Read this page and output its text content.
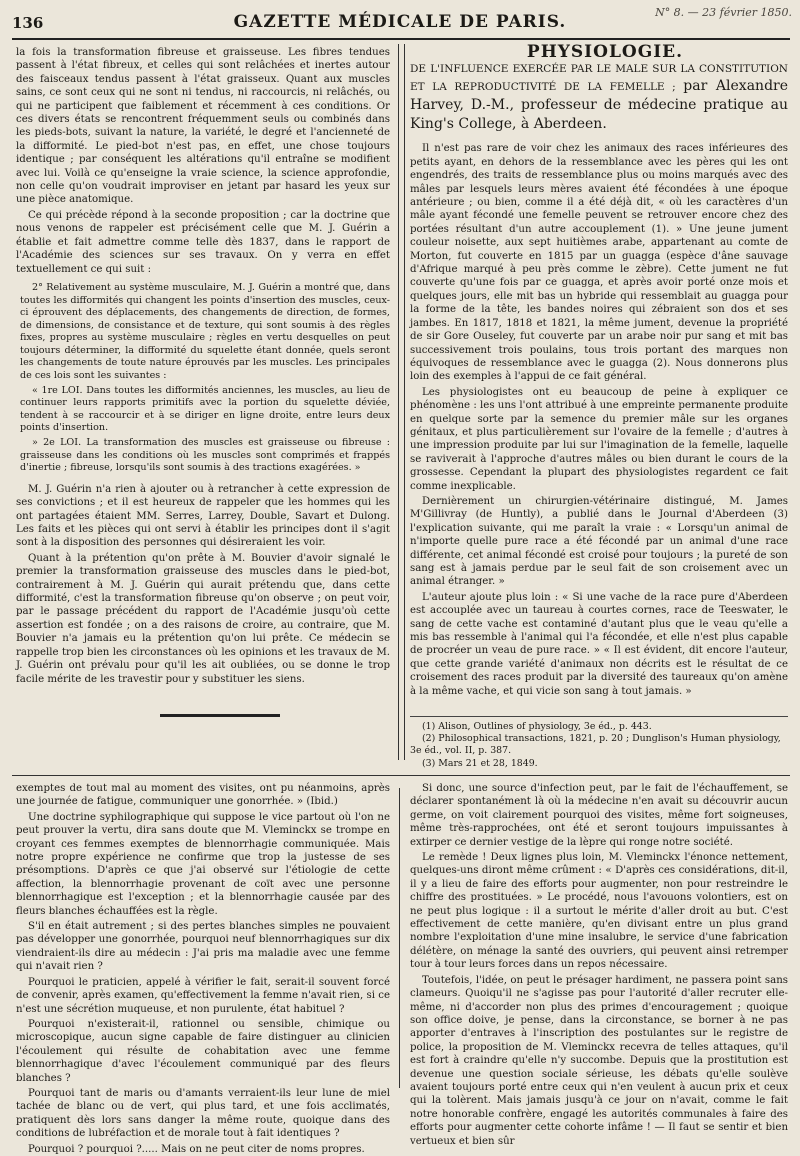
136	GAZETTE MÉDICALE DE PARIS.	N° 8. — 23 février 1850.

la fois la transformation fibreuse et graisseuse. Les fibres tendues passent à l'état fibreux, et celles qui sont relâchées et inertes autour des faisceaux tendus passent à l'état graisseux. Quant aux muscles sains, ce sont ceux qui ne sont ni tendus, ni raccourcis, ni relâchés, ou qui ne participent que faiblement et récemment à ces conditions. Or ces divers états se rencontrent fréquemment seuls ou combinés dans les pieds-bots, suivant la nature, la variété, le degré et l'ancienneté de la difformité. Le pied-bot n'est pas, en effet, une chose toujours identique ; par conséquent les altérations qu'il entraîne se modifient avec lui. Voilà ce qu'enseigne la vraie science, la science approfondie, non celle qu'on voudrait improviser en jetant par hasard les yeux sur une pièce anatomique.

Ce qui précède répond à la seconde proposition ; car la doctrine que nous venons de rappeler est précisément celle que M. J. Guérin a établie et fait admettre comme telle dès 1837, dans le rapport de l'Académie des sciences sur ses travaux. On y verra en effet textuellement ce qui suit :

2° Relativement au système musculaire, M. J. Guérin a montré que, dans toutes les difformités qui changent les points d'insertion des muscles, ceux-ci éprouvent des déplacements, des changements de direction, de formes, de dimensions, de consistance et de texture, qui sont soumis à des règles fixes, propres au système musculaire ; règles en vertu desquelles on peut toujours déterminer, la difformité du squelette étant donnée, quels seront les changements de toute nature éprouvés par les muscles. Les principales de ces lois sont les suivantes :

« 1re LOI. Dans toutes les difformités anciennes, les muscles, au lieu de continuer leurs rapports primitifs avec la portion du squelette déviée, tendent à se raccourcir et à se diriger en ligne droite, entre leurs deux points d'insertion.

» 2e LOI. La transformation des muscles est graisseuse ou fibreuse : graisseuse dans les conditions où les muscles sont comprimés et frappés d'inertie ; fibreuse, lorsqu'ils sont soumis à des tractions exagérées. »

M. J. Guérin n'a rien à ajouter ou à retrancher à cette expression de ses convictions ; et il est heureux de rappeler que les hommes qui les ont partagées étaient MM. Serres, Larrey, Double, Savart et Dulong. Les faits et les pièces qui ont servi à établir les principes dont il s'agit sont à la disposition des personnes qui désireraient les voir.

Quant à la prétention qu'on prête à M. Bouvier d'avoir signalé le premier la transformation graisseuse des muscles dans le pied-bot, contrairement à M. J. Guérin qui aurait prétendu que, dans cette difformité, c'est la transformation fibreuse qu'on observe ; on peut voir, par le passage précédent du rapport de l'Académie jusqu'où cette assertion est fondée ; on a des raisons de croire, au contraire, que M. Bouvier n'a jamais eu la prétention qu'on lui prête. Ce médecin se rappelle trop bien les circonstances où les opinions et les travaux de M. J. Guérin ont prévalu pour qu'il les ait oubliées, ou se donne le trop facile mérite de les travestir pour y substituer les siens.

PHYSIOLOGIE.

DE L'INFLUENCE EXERCÉE PAR LE MALE SUR LA CONSTITUTION ET LA REPRODUCTIVITÉ DE LA FEMELLE ; par Alexandre Harvey, D.-M., professeur de médecine pratique au King's College, à Aberdeen.

Il n'est pas rare de voir chez les animaux des races inférieures des petits ayant, en dehors de la ressemblance avec les pères qui les ont engendrés, des traits de ressemblance plus ou moins marqués avec des mâles par lesquels leurs mères avaient été fécondées à une époque antérieure ; ou bien, comme il a été déjà dit, « où les caractères d'un mâle ayant fécondé une femelle peuvent se retrouver encore chez des portées résultant d'un autre accouplement (1). » Une jeune jument couleur noisette, aux sept huitièmes arabe, appartenant au comte de Morton, fut couverte en 1815 par un guagga (espèce d'âne sauvage d'Afrique marqué à peu près comme le zèbre). Cette jument ne fut couverte qu'une fois par ce guagga, et après avoir porté onze mois et quelques jours, elle mit bas un hybride qui ressemblait au guagga pour la forme de la tête, les bandes noires qui zébraient son dos et ses jambes. En 1817, 1818 et 1821, la même jument, devenue la propriété de sir Gore Ouseley, fut couverte par un arabe noir pur sang et mit bas successivement trois poulains, tous trois portant des marques non équivoques de ressemblance avec le guagga (2). Nous donnerons plus loin des exemples à l'appui de ce fait général.

Les physiologistes ont eu beaucoup de peine à expliquer ce phénomène : les uns l'ont attribué à une empreinte permanente produite en quelque sorte par la semence du premier mâle sur les organes génitaux, et plus particulièrement sur l'ovaire de la femelle ; d'autres à une impression produite par lui sur l'imagination de la femelle, laquelle se raviverait à l'approche d'autres mâles ou bien durant le cours de la grossesse. Cependant la plupart des physiologistes regardent ce fait comme inexplicable.

Dernièrement un chirurgien-vétérinaire distingué, M. James M'Gillivray (de Huntly), a publié dans le Journal d'Aberdeen (3) l'explication suivante, qui me paraît la vraie : « Lorsqu'un animal de n'importe quelle pure race a été fécondé par un animal d'une race différente, cet animal fécondé est croisé pour toujours ; la pureté de son sang est à jamais perdue par le seul fait de son croisement avec un animal étranger. »

L'auteur ajoute plus loin : « Si une vache de la race pure d'Aberdeen est accouplée avec un taureau à courtes cornes, race de Teeswater, le sang de cette vache est contaminé d'autant plus que le veau qu'elle a mis bas ressemble à l'animal qui l'a fécondée, et elle n'est plus capable de procréer un veau de pure race. » « Il est évident, dit encore l'auteur, que cette grande variété d'animaux non décrits est le résultat de ce croisement des races produit par la diversité des taureaux qu'on amène à la même vache, et qui vicie son sang à tout jamais. »

(1) Alison, Outlines of physiology, 3e éd., p. 443.

(2) Philosophical transactions, 1821, p. 20 ; Dunglison's Human physiology, 3e éd., vol. II, p. 387.

(3) Mars 21 et 28, 1849.

exemptes de tout mal au moment des visites, ont pu néanmoins, après une journée de fatigue, communiquer une gonorrhée. » (Ibid.)

Une doctrine syphilographique qui suppose le vice partout où l'on ne peut prouver la vertu, dira sans doute que M. Vleminckx se trompe en croyant ces femmes exemptes de blennorrhagie communiquée. Mais notre propre expérience ne confirme que trop la justesse de ses présomptions. D'après ce que j'ai observé sur l'étiologie de cette affection, la blennorrhagie provenant de coït avec une personne blennorrhagique est l'exception ; et la blennorrhagie causée par des fleurs blanches échauffées est la règle.

S'il en était autrement ; si des pertes blanches simples ne pouvaient pas développer une gonorrhée, pourquoi neuf blennorrhagiques sur dix viendraient-ils dire au médecin : J'ai pris ma maladie avec une femme qui n'avait rien ?

Pourquoi le praticien, appelé à vérifier le fait, serait-il souvent forcé de convenir, après examen, qu'effectivement la femme n'avait rien, si ce n'est une sécrétion muqueuse, et non purulente, état habituel ?

Pourquoi n'existerait-il, rationnel ou sensible, chimique ou microscopique, aucun signe capable de faire distinguer au clinicien l'écoulement qui résulte de cohabitation avec une femme blennorrhagique d'avec l'écoulement communiqué par des fleurs blanches ?

Pourquoi tant de maris ou d'amants verraient-ils leur lune de miel tachée de blanc ou de vert, qui plus tard, et une fois acclimatés, pratiquent dès lors sans danger la même route, quoique dans des conditions de lubréfaction et de morale tout à fait identiques ?

Pourquoi ? pourquoi ?..... Mais on ne peut citer de noms propres.

Si donc, une source d'infection peut, par le fait de l'échauffement, se déclarer spontanément là où la médecine n'en avait su découvrir aucun germe, on voit clairement pourquoi des visites, même fort soigneuses, même très-rapprochées, ont été et seront toujours impuissantes à extirper ce dernier vestige de la lèpre qui ronge notre société.

Le remède ! Deux lignes plus loin, M. Vleminckx l'énonce nettement, quelques-uns diront même crûment : « D'après ces considérations, dit-il, il y a lieu de faire des efforts pour augmenter, non pour restreindre le chiffre des prostituées. » Le procédé, nous l'avouons volontiers, est on ne peut plus logique : il a surtout le mérite d'aller droit au but. C'est effectivement de cette manière, qu'en divisant entre un plus grand nombre l'exploitation d'une mine insalubre, le service d'une fabrication délétère, on ménage la santé des ouvriers, qui peuvent ainsi retremper tour à tour leurs forces dans un repos nécessaire.

Toutefois, l'idée, on peut le présager hardiment, ne passera point sans clameurs. Quoiqu'il ne s'agisse pas pour l'autorité d'aller recruter elle-même, ni d'accorder non plus des primes d'encouragement ; quoique son office doive, je pense, dans la circonstance, se borner à ne pas apporter d'entraves à l'inscription des postulantes sur le registre de police, la proposition de M. Vleminckx recevra de telles attaques, qu'il est fort à craindre qu'elle n'y succombe. Depuis que la prostitution est devenue une question sociale sérieuse, les débats qu'elle soulève avaient toujours porté entre ceux qui n'en veulent à aucun prix et ceux qui la tolèrent. Mais jamais jusqu'à ce jour on n'avait, comme le fait notre honorable confrère, engagé les autorités communales à faire des efforts pour augmenter cette cohorte infâme ! — Il faut se sentir et bien vertueux et bien sûr
